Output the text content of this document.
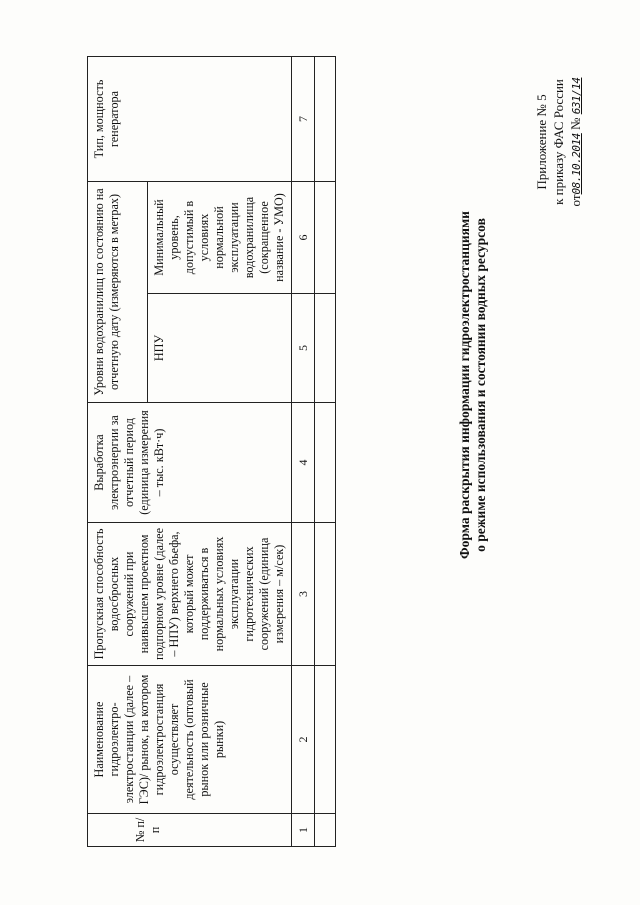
Приложение № 5 к приказу ФАС России от08.10.2014 № 631/14
Форма раскрытия информации гидроэлектростанциями о режиме использования и состоянии водных ресурсов
№ п/п	Наименование гидроэлектро-электростанции (далее – ГЭС)/ рынок, на котором гидроэлектростанция осуществляет деятельность (оптовый рынок или розничные рынки)	Пропускная способность водосбросных сооружений при наивысшем проектном подпорном уровне (далее – НПУ) верхнего бьефа, который может поддерживаться в нормальных условиях эксплуатации гидротехнических сооружений (единица измерения – м/сек)	Выработка электроэнергии за отчетный период (единица измерения – тыс. кВт·ч)	Уровни водохранилищ по состоянию на отчетную дату (измеряются в метрах)		Тип, мощность генератора
				НПУ	Минимальный уровень, допустимый в условиях нормальной эксплуатации водохранилища (сокращенное название - УМО)	
1	2	3	4	5	6	7
